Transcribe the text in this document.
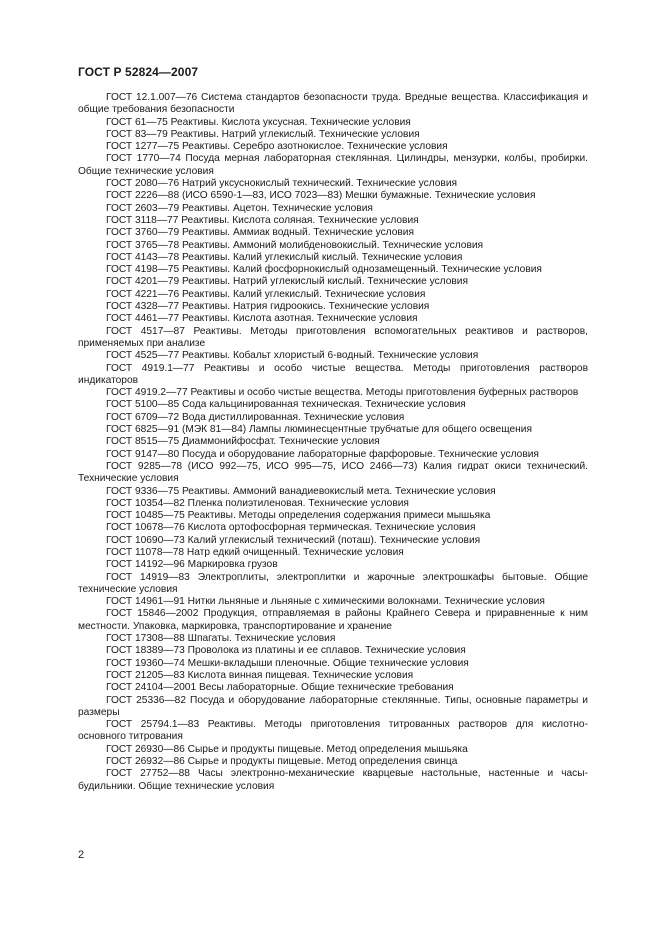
ГОСТ Р 52824—2007

ГОСТ 12.1.007—76 Система стандартов безопасности труда. Вредные вещества. Классификация и общие требования безопасности

ГОСТ 61—75 Реактивы. Кислота уксусная. Технические условия

ГОСТ 83—79 Реактивы. Натрий углекислый. Технические условия

ГОСТ 1277—75 Реактивы. Серебро азотнокислое. Технические условия

ГОСТ 1770—74 Посуда мерная лабораторная стеклянная. Цилиндры, мензурки, колбы, пробирки. Общие технические условия

ГОСТ 2080—76 Натрий уксуснокислый технический. Технические условия

ГОСТ 2226—88 (ИСО 6590-1—83, ИСО 7023—83) Мешки бумажные. Технические условия

ГОСТ 2603—79 Реактивы. Ацетон. Технические условия

ГОСТ 3118—77 Реактивы. Кислота соляная. Технические условия

ГОСТ 3760—79 Реактивы. Аммиак водный. Технические условия

ГОСТ 3765—78 Реактивы. Аммоний молибденовокислый. Технические условия

ГОСТ 4143—78 Реактивы. Калий углекислый кислый. Технические условия

ГОСТ 4198—75 Реактивы. Калий фосфорнокислый однозамещенный. Технические условия

ГОСТ 4201—79 Реактивы. Натрий углекислый кислый. Технические условия

ГОСТ 4221—76 Реактивы. Калий углекислый. Технические условия

ГОСТ 4328—77 Реактивы. Натрия гидроокись. Технические условия

ГОСТ 4461—77 Реактивы. Кислота азотная. Технические условия

ГОСТ 4517—87 Реактивы. Методы приготовления вспомогательных реактивов и растворов, применяемых при анализе

ГОСТ 4525—77 Реактивы. Кобальт хлористый 6-водный. Технические условия

ГОСТ 4919.1—77 Реактивы и особо чистые вещества. Методы приготовления растворов индикаторов

ГОСТ 4919.2—77 Реактивы и особо чистые вещества. Методы приготовления буферных растворов

ГОСТ 5100—85 Сода кальцинированная техническая. Технические условия

ГОСТ 6709—72 Вода дистиллированная. Технические условия

ГОСТ 6825—91 (МЭК 81—84) Лампы люминесцентные трубчатые для общего освещения

ГОСТ 8515—75 Диаммонийфосфат. Технические условия

ГОСТ 9147—80 Посуда и оборудование лабораторные фарфоровые. Технические условия

ГОСТ 9285—78 (ИСО 992—75, ИСО 995—75, ИСО 2466—73) Калия гидрат окиси технический. Технические условия

ГОСТ 9336—75 Реактивы. Аммоний ванадиевокислый мета. Технические условия

ГОСТ 10354—82 Пленка полиэтиленовая. Технические условия

ГОСТ 10485—75 Реактивы. Методы определения содержания примеси мышьяка

ГОСТ 10678—76 Кислота ортофосфорная термическая. Технические условия

ГОСТ 10690—73 Калий углекислый технический (поташ). Технические условия

ГОСТ 11078—78 Натр едкий очищенный. Технические условия

ГОСТ 14192—96 Маркировка грузов

ГОСТ 14919—83 Электроплиты, электроплитки и жарочные электрошкафы бытовые. Общие технические условия

ГОСТ 14961—91 Нитки льняные и льняные с химическими волокнами. Технические условия

ГОСТ 15846—2002 Продукция, отправляемая в районы Крайнего Севера и приравненные к ним местности. Упаковка, маркировка, транспортирование и хранение

ГОСТ 17308—88 Шпагаты. Технические условия

ГОСТ 18389—73 Проволока из платины и ее сплавов. Технические условия

ГОСТ 19360—74 Мешки-вкладыши пленочные. Общие технические условия

ГОСТ 21205—83 Кислота винная пищевая. Технические условия

ГОСТ 24104—2001 Весы лабораторные. Общие технические требования

ГОСТ 25336—82 Посуда и оборудование лабораторные стеклянные. Типы, основные параметры и размеры

ГОСТ 25794.1—83 Реактивы. Методы приготовления титрованных растворов для кислотно-основного титрования

ГОСТ 26930—86 Сырье и продукты пищевые. Метод определения мышьяка

ГОСТ 26932—86 Сырье и продукты пищевые. Метод определения свинца

ГОСТ 27752—88 Часы электронно-механические кварцевые настольные, настенные и часы-будильники. Общие технические условия

2
